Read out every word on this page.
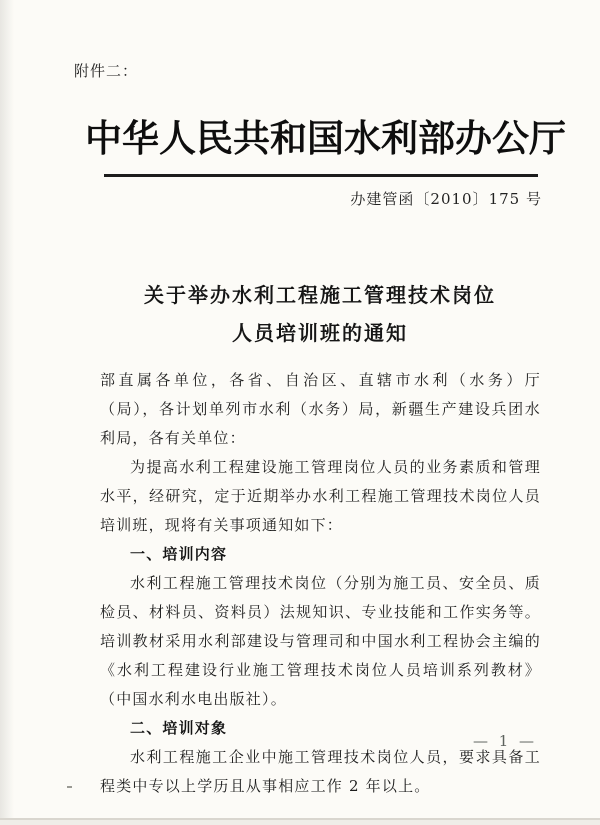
附件二：
中华人民共和国水利部办公厅
办建管函〔2010〕175 号
关于举办水利工程施工管理技术岗位
人员培训班的通知

部直属各单位，各省、自治区、直辖市水利（水务）厅（局），各计划单列市水利（水务）局，新疆生产建设兵团水利局，各有关单位：

为提高水利工程建设施工管理岗位人员的业务素质和管理水平，经研究，定于近期举办水利工程施工管理技术岗位人员培训班，现将有关事项通知如下：

一、培训内容

水利工程施工管理技术岗位（分别为施工员、安全员、质检员、材料员、资料员）法规知识、专业技能和工作实务等。培训教材采用水利部建设与管理司和中国水利工程协会主编的《水利工程建设行业施工管理技术岗位人员培训系列教材》（中国水利水电出版社）。

二、培训对象

水利工程施工企业中施工管理技术岗位人员，要求具备工程类中专以上学历且从事相应工作 2 年以上。

— 1 —
